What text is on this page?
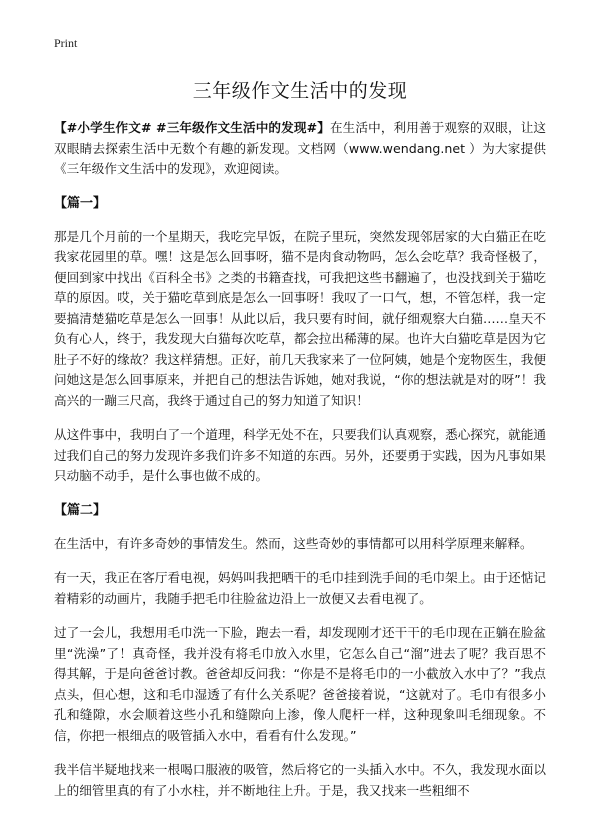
Print
三年级作文生活中的发现

【#小学生作文# #三年级作文生活中的发现#】在生活中，利用善于观察的双眼，让这双眼睛去探索生活中无数个有趣的新发现。文档网（www.wendang.net ）为大家提供《三年级作文生活中的发现》，欢迎阅读。

【篇一】

那是几个月前的一个星期天，我吃完早饭，在院子里玩，突然发现邻居家的大白猫正在吃我家花园里的草。嘿！这是怎么回事呀，猫不是肉食动物吗，怎么会吃草？我奇怪极了，便回到家中找出《百科全书》之类的书籍查找，可我把这些书翻遍了，也没找到关于猫吃草的原因。哎，关于猫吃草到底是怎么一回事呀！我叹了一口气，想，不管怎样，我一定要搞清楚猫吃草是怎么一回事！从此以后，我只要有时间，就仔细观察大白猫……皇天不负有心人，终于，我发现大白猫每次吃草，都会拉出稀薄的屎。也许大白猫吃草是因为它肚子不好的缘故？我这样猜想。正好，前几天我家来了一位阿姨，她是个宠物医生，我便问她这是怎么回事原来，并把自己的想法告诉她，她对我说，“你的想法就是对的呀”！我高兴的一蹦三尺高，我终于通过自己的努力知道了知识！

从这件事中，我明白了一个道理，科学无处不在，只要我们认真观察，悉心探究，就能通过我们自己的努力发现许多我们许多不知道的东西。另外，还要勇于实践，因为凡事如果只动脑不动手，是什么事也做不成的。

【篇二】

在生活中，有许多奇妙的事情发生。然而，这些奇妙的事情都可以用科学原理来解释。

有一天，我正在客厅看电视，妈妈叫我把晒干的毛巾挂到洗手间的毛巾架上。由于还惦记着精彩的动画片，我随手把毛巾往脸盆边沿上一放便又去看电视了。

过了一会儿，我想用毛巾洗一下脸，跑去一看，却发现刚才还干干的毛巾现在正躺在脸盆里“洗澡”了！真奇怪，我并没有将毛巾放入水里，它怎么自己“溜”进去了呢？我百思不得其解，于是向爸爸讨教。爸爸却反问我：“你是不是将毛巾的一小截放入水中了？”我点点头，但心想，这和毛巾湿透了有什么关系呢？爸爸接着说，“这就对了。毛巾有很多小孔和缝隙，水会顺着这些小孔和缝隙向上渗，像人爬杆一样，这种现象叫毛细现象。不信，你把一根细点的吸管插入水中，看看有什么发现。”

我半信半疑地找来一根喝口服液的吸管，然后将它的一头插入水中。不久，我发现水面以上的细管里真的有了小水柱，并不断地往上升。于是，我又找来一些粗细不
